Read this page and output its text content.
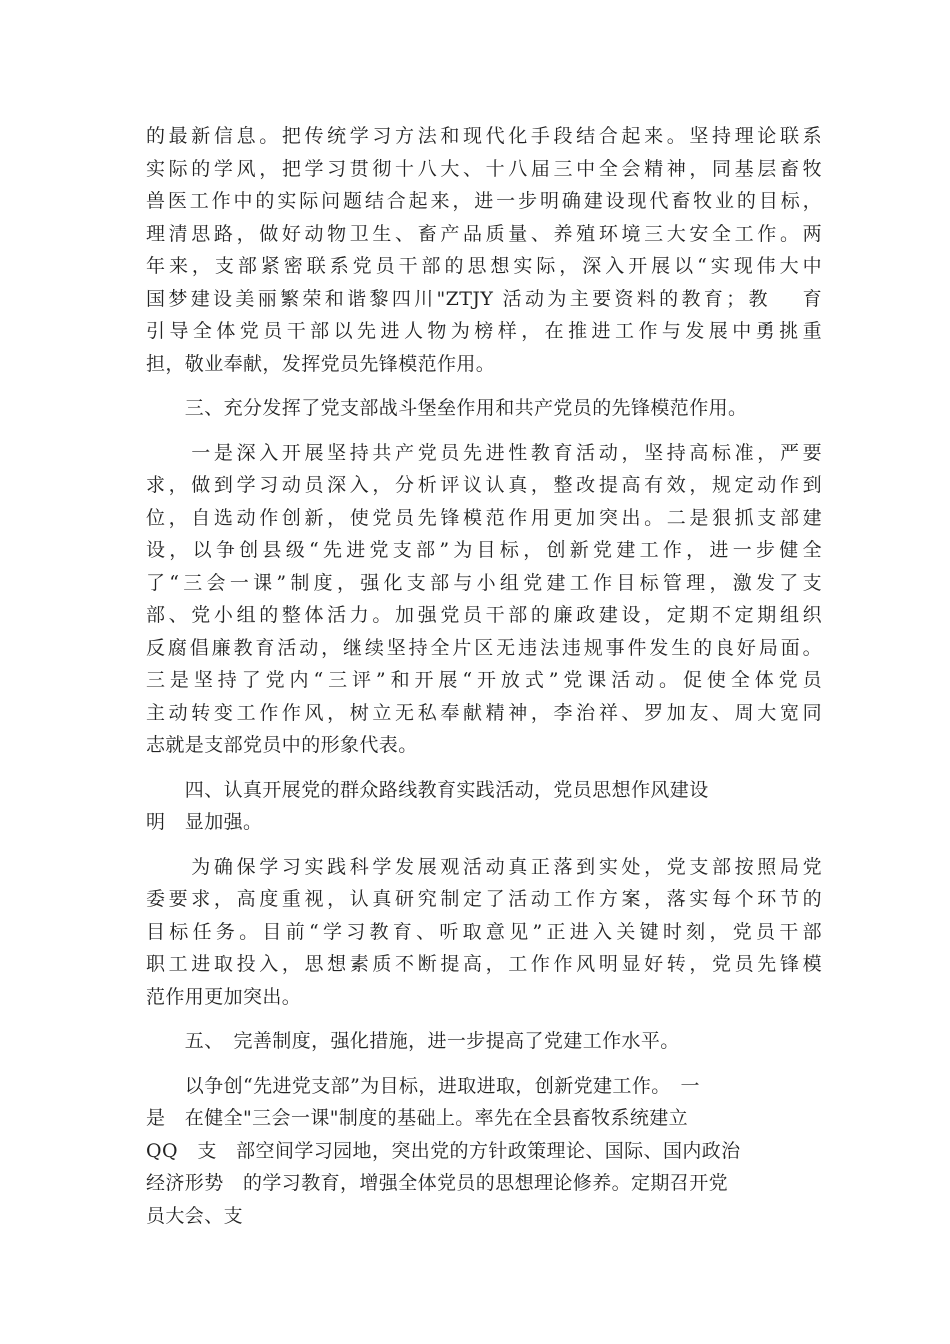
的最新信息。把传统学习方法和现代化手段结合起来。坚持理论联系
实际的学风，把学习贯彻十八大、十八届三中全会精神，同基层畜牧
兽医工作中的实际问题结合起来，进一步明确建设现代畜牧业的目标，
理清思路，做好动物卫生、畜产品质量、养殖环境三大安全工作。两
年来，支部紧密联系党员干部的思想实际，深入开展以“实现伟大中
国梦建设美丽繁荣和谐黎四川"ZTJY 活动为主要资料的教育；教　 育
引导全体党员干部以先进人物为榜样，在推进工作与发展中勇挑重
担，敬业奉献，发挥党员先锋模范作用。
　　三、充分发挥了党支部战斗堡垒作用和共产党员的先锋模范作用。
　　一是深入开展坚持共产党员先进性教育活动，坚持高标准，严要
求，做到学习动员深入，分析评议认真，整改提高有效，规定动作到
位，自选动作创新，使党员先锋模范作用更加突出。二是狠抓支部建
设，以争创县级“先进党支部”为目标，创新党建工作，进一步健全
了“三会一课”制度，强化支部与小组党建工作目标管理，激发了支
部、党小组的整体活力。加强党员干部的廉政建设，定期不定期组织
反腐倡廉教育活动，继续坚持全片区无违法违规事件发生的良好局面。
三是坚持了党内“三评”和开展“开放式”党课活动。促使全体党员
主动转变工作作风，树立无私奉献精神，李治祥、罗加友、周大宽同
志就是支部党员中的形象代表。
　　四、认真开展党的群众路线教育实践活动，党员思想作风建设
明　显加强。
　　为确保学习实践科学发展观活动真正落到实处，党支部按照局党
委要求，高度重视，认真研究制定了活动工作方案，落实每个环节的
目标任务。目前“学习教育、听取意见”正进入关键时刻，党员干部
职工进取投入，思想素质不断提高，工作作风明显好转，党员先锋模
范作用更加突出。
　　五、　完善制度，强化措施，进一步提高了党建工作水平。
　　以争创“先进党支部”为目标，进取进取，创新党建工作。　一
是　在健全"三会一课"制度的基础上。率先在全县畜牧系统建立
QQ　支　部空间学习园地，突出党的方针政策理论、国际、国内政治
经济形势　的学习教育，增强全体党员的思想理论修养。定期召开党
员大会、支
